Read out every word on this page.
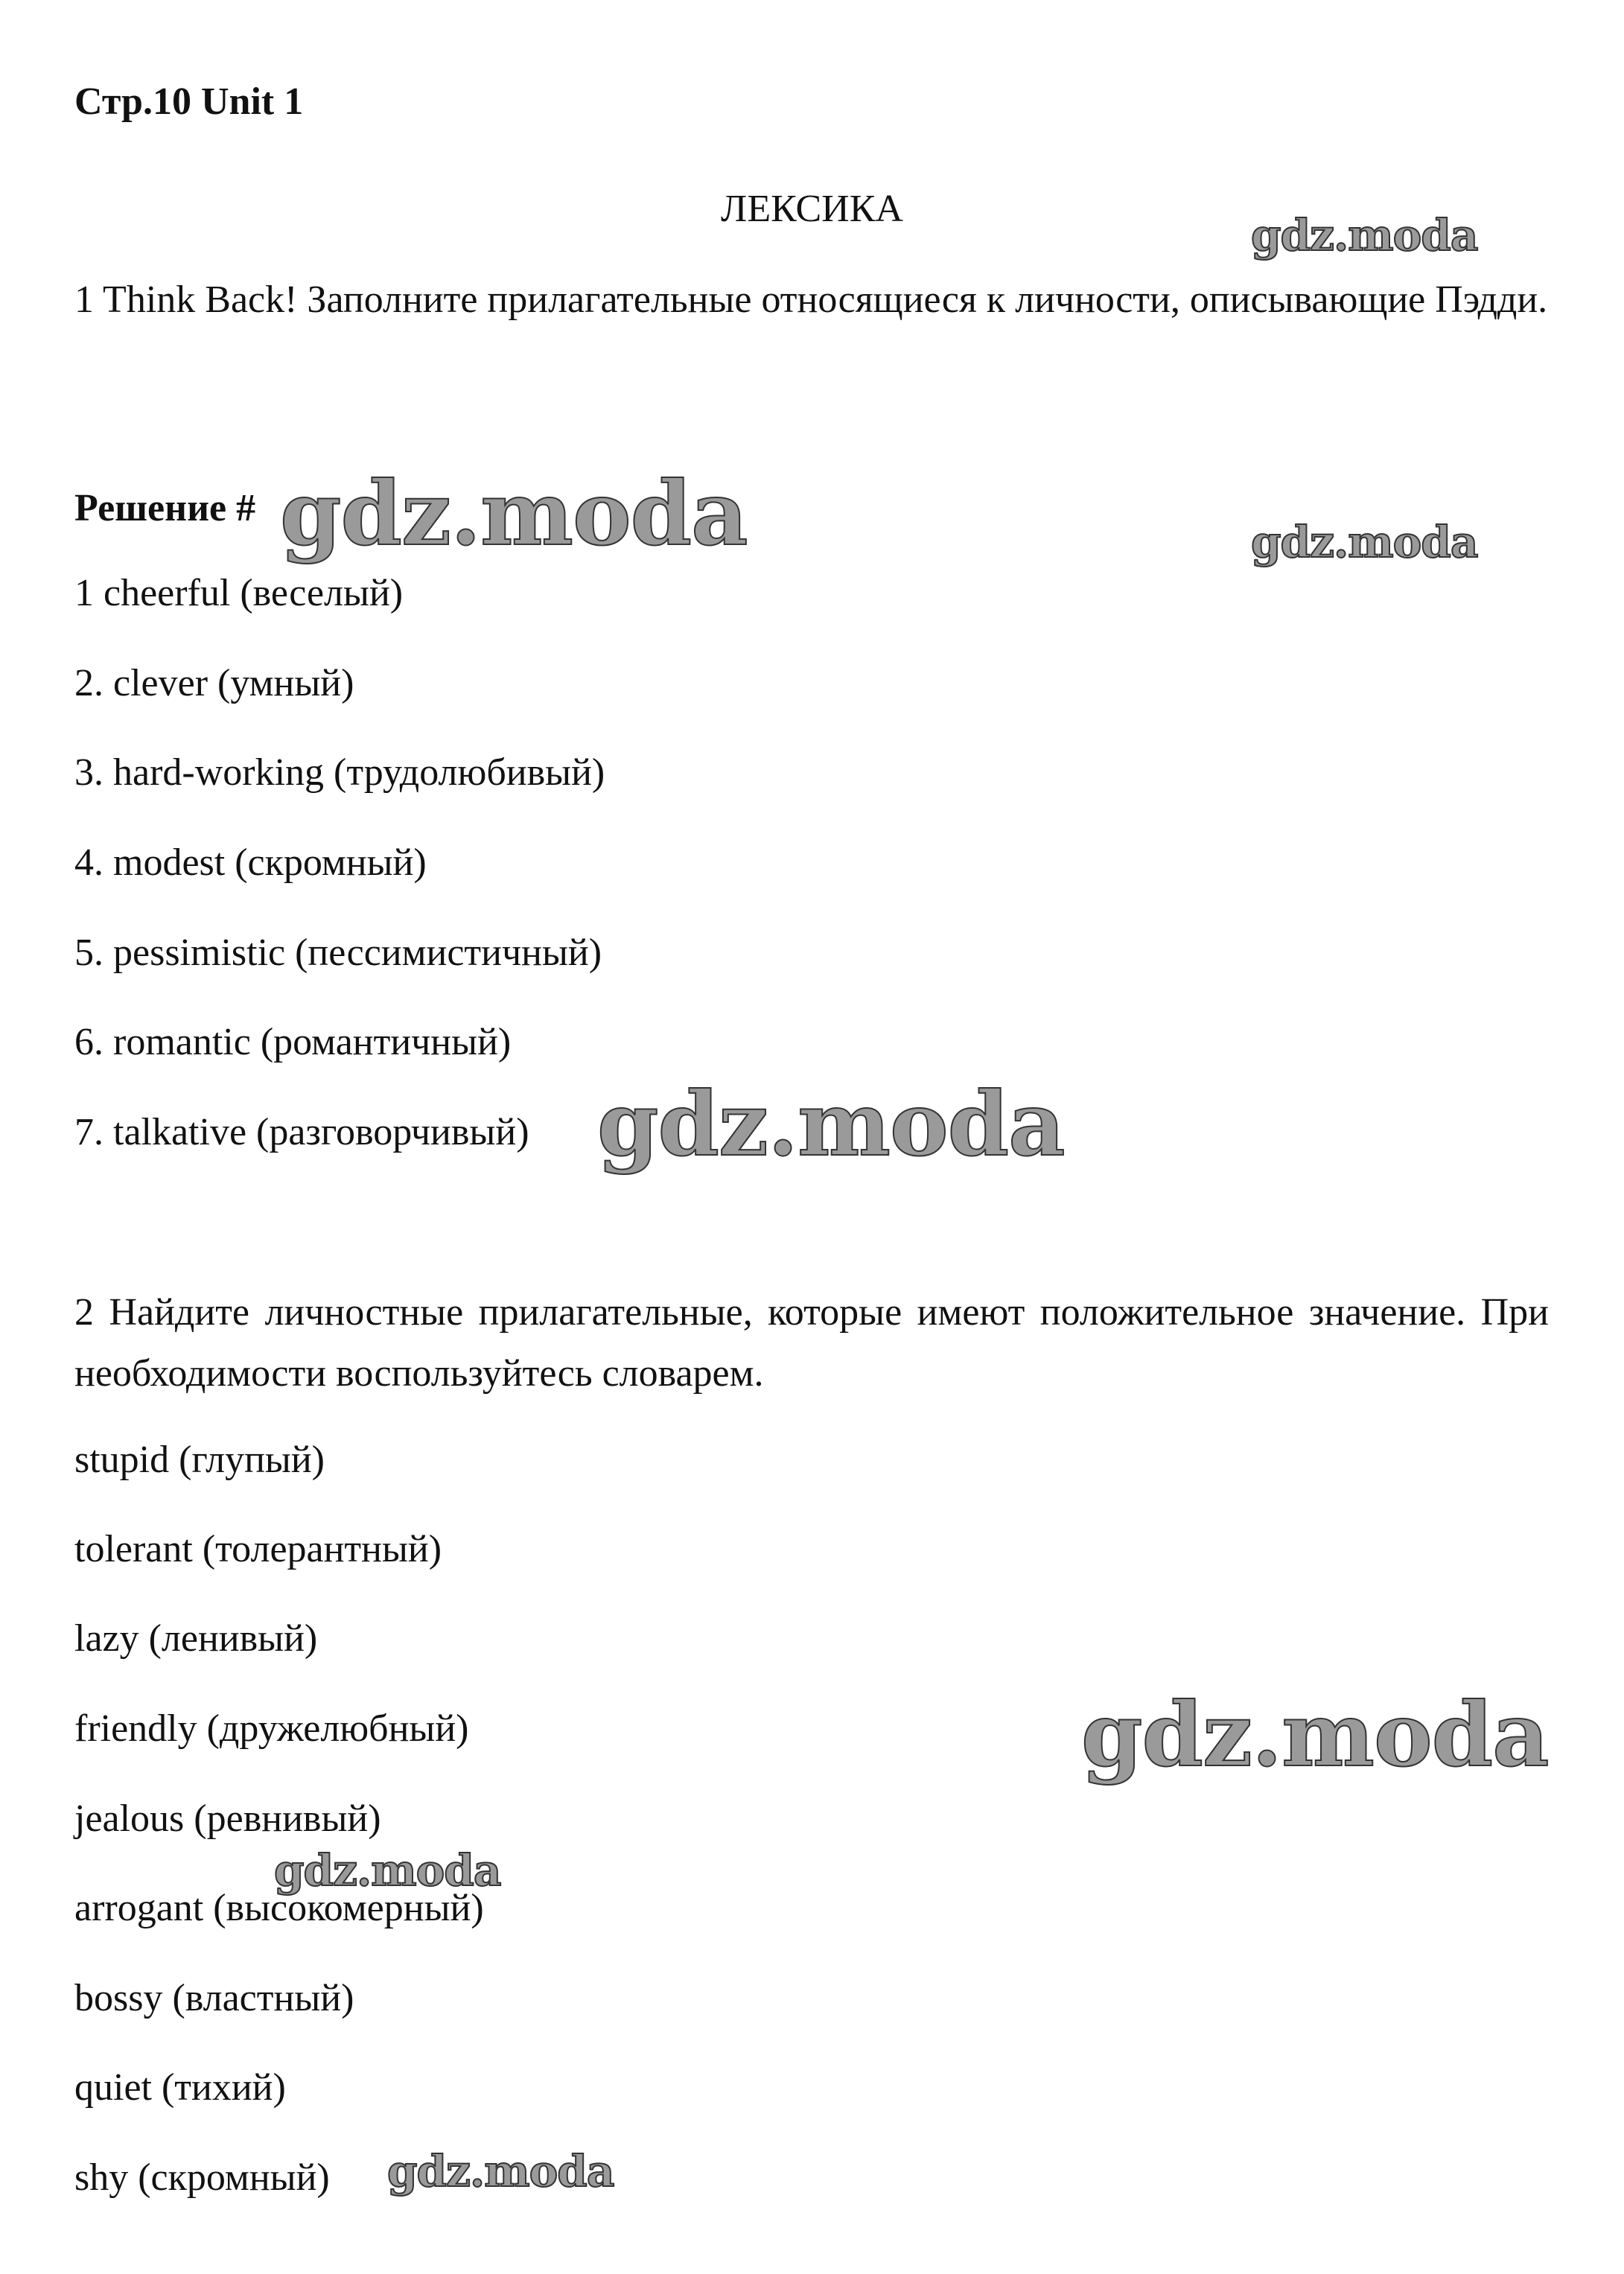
Стр.10 Unit 1
ЛЕКСИКА
1 Think Back! Заполните прилагательные относящиеся к личности, описывающие Пэдди.
Решение #
1 cheerful (веселый)
2. clever (умный)
3. hard-working (трудолюбивый)
4. modest (скромный)
5. pessimistic (пессимистичный)
6. romantic (романтичный)
7. talkative (разговорчивый)
2 Найдите личностные прилагательные, которые имеют положительное значение. При необходимости воспользуйтесь словарем.
stupid (глупый)
tolerant (толерантный)
lazy (ленивый)
friendly (дружелюбный)
jealous (ревнивый)
arrogant (высокомерный)
bossy (властный)
quiet (тихий)
shy (скромный)
gdz.moda
gdz.moda	gdz.moda
gdz.moda
gdz.moda
gdz.moda
gdz.moda
